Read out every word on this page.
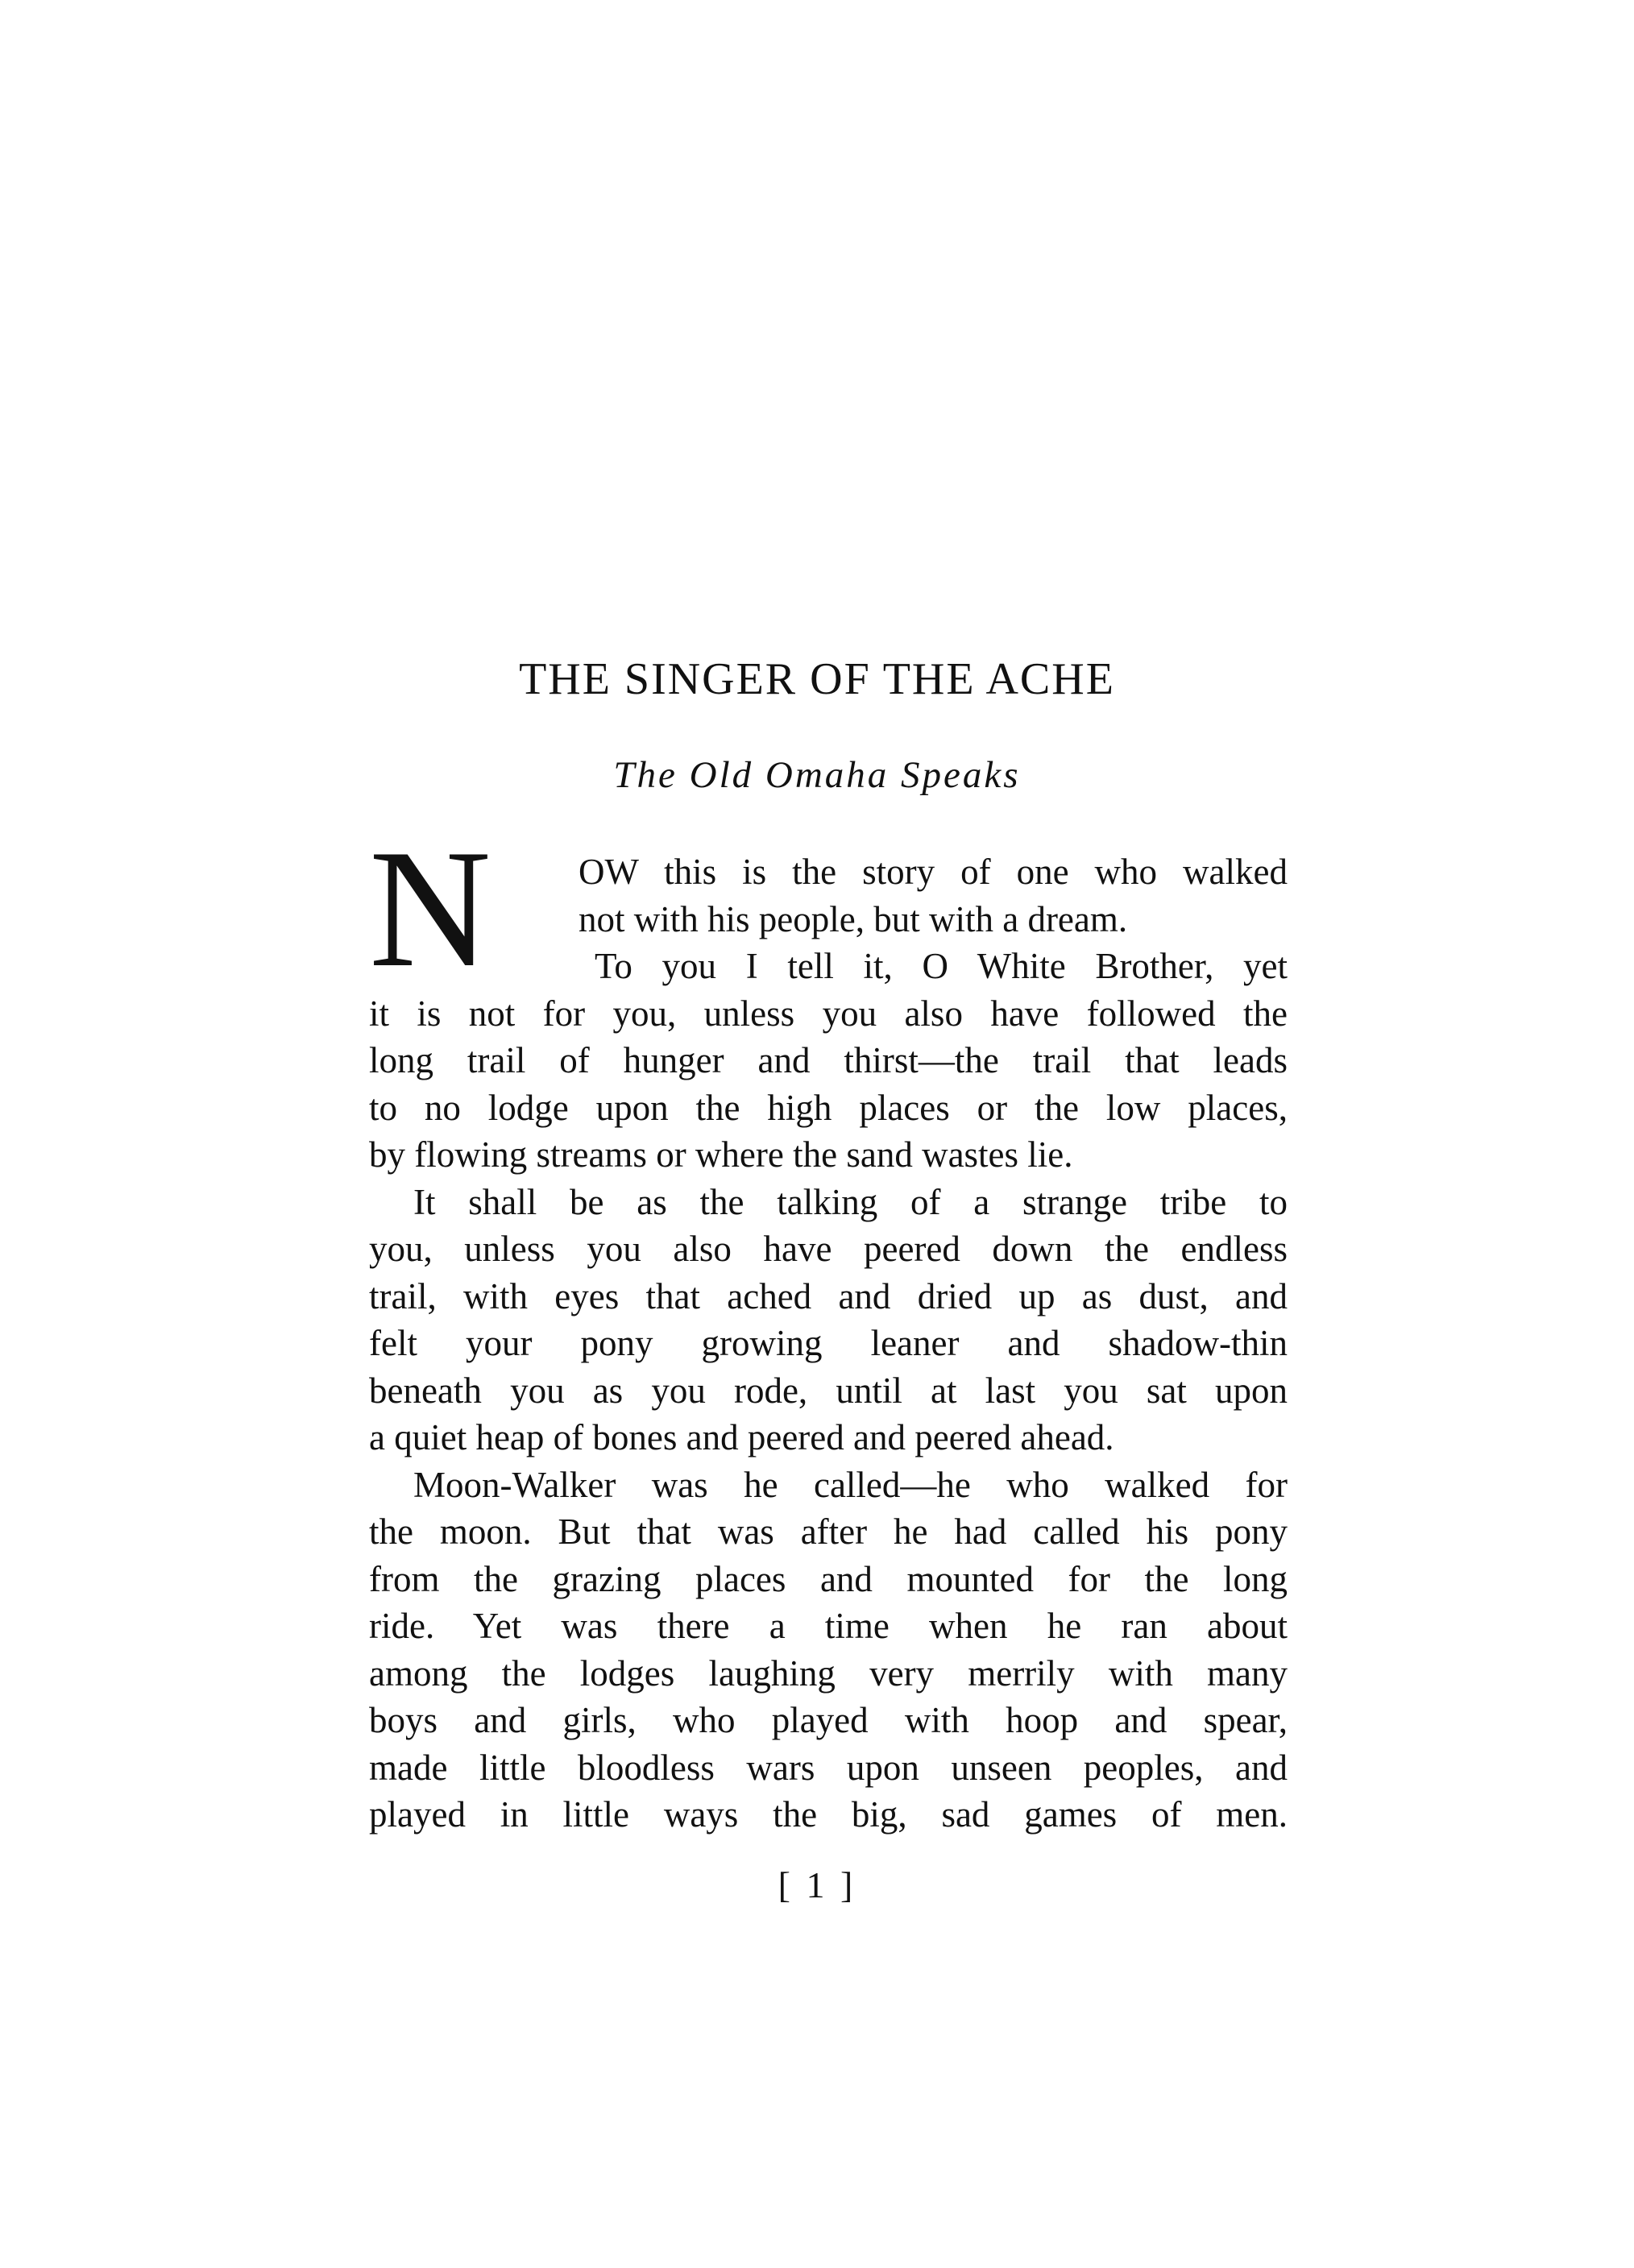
THE SINGER OF THE ACHE
The Old Omaha Speaks
N OW this is the story of one who walked
not with his people, but with a dream.
To you I tell it, O White Brother, yet
it is not for you, unless you also have followed the
long trail of hunger and thirst—the trail that leads
to no lodge upon the high places or the low places,
by flowing streams or where the sand wastes lie.
It shall be as the talking of a strange tribe to
you, unless you also have peered down the endless
trail, with eyes that ached and dried up as dust, and
felt your pony growing leaner and shadow-thin
beneath you as you rode, until at last you sat upon
a quiet heap of bones and peered and peered ahead.
Moon-Walker was he called—he who walked for
the moon. But that was after he had called his pony
from the grazing places and mounted for the long
ride. Yet was there a time when he ran about
among the lodges laughing very merrily with many
boys and girls, who played with hoop and spear,
made little bloodless wars upon unseen peoples, and
played in little ways the big, sad games of men.
[ 1 ]
